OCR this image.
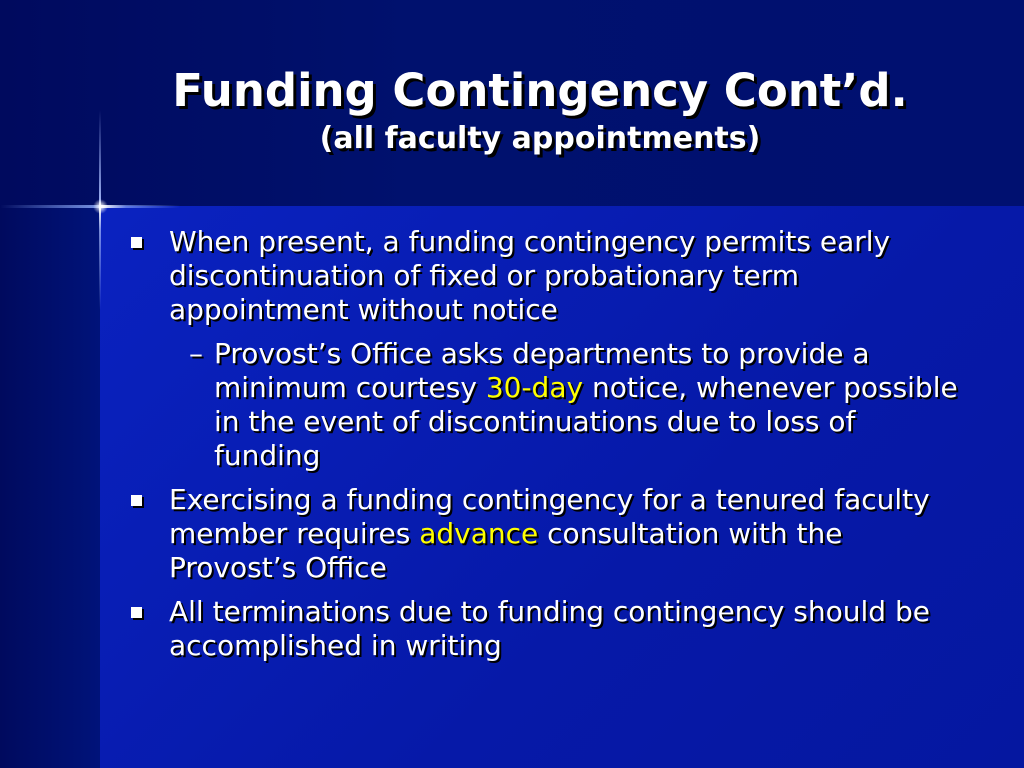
Funding Contingency Cont’d.
(all faculty appointments)
When present, a funding contingency permits early discontinuation of fixed or probationary term appointment without notice
– Provost’s Office asks departments to provide a minimum courtesy 30-day notice, whenever possible in the event of discontinuations due to loss of funding
Exercising a funding contingency for a tenured faculty member requires advance consultation with the Provost’s Office
All terminations due to funding contingency should be accomplished in writing
